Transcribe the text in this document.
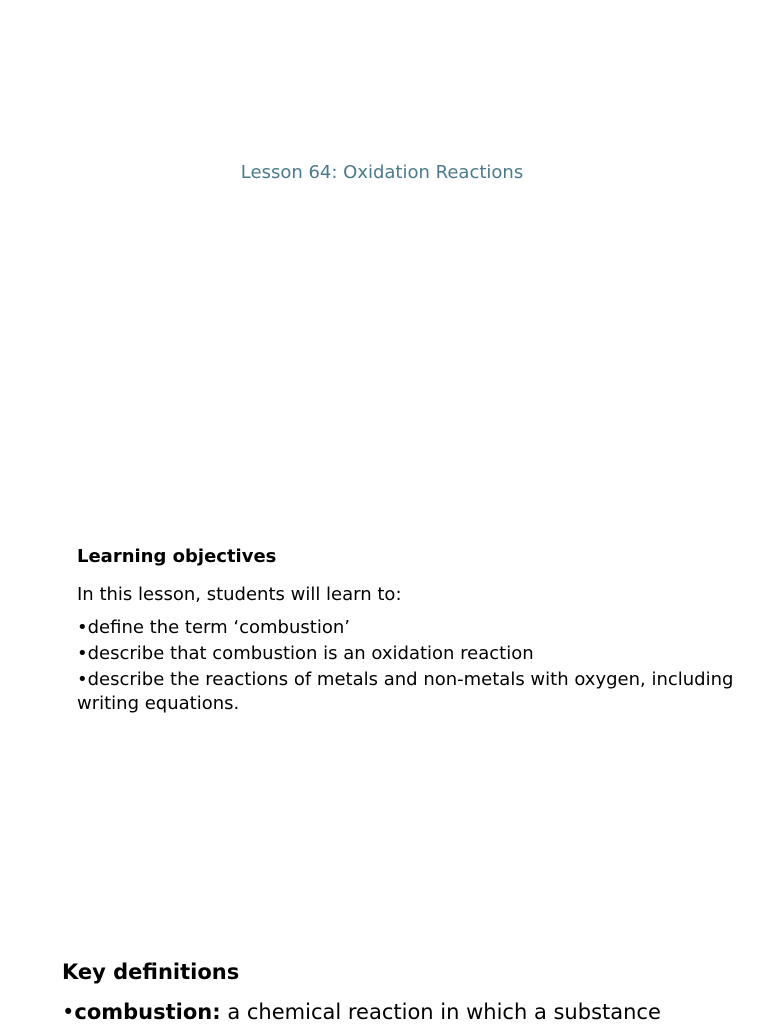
Lesson 64: Oxidation Reactions
Learning objectives
In this lesson, students will learn to:
•define the term ‘combustion’
•describe that combustion is an oxidation reaction
•describe the reactions of metals and non-metals with oxygen, including writing equations.
Key definitions

•combustion: a chemical reaction in which a substance
